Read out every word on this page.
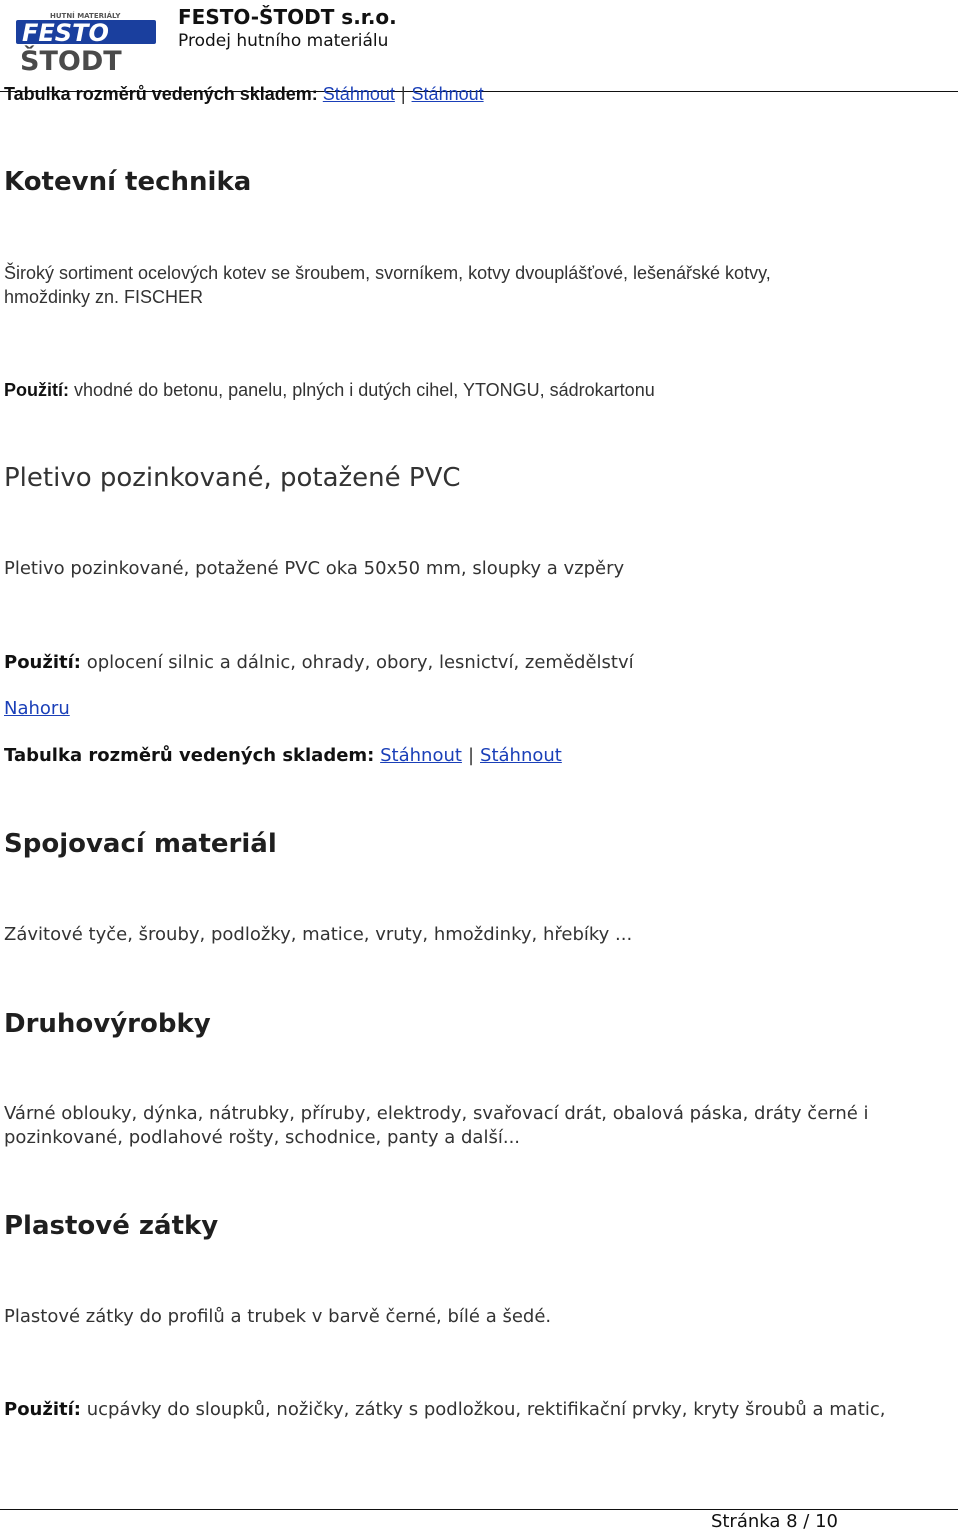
HUTNÍ MATERIÁLY
FESTO
ŠTODT
FESTO-ŠTODT s.r.o.
Prodej hutního materiálu
Tabulka rozměrů vedených skladem: Stáhnout | Stáhnout
Kotevní technika
Široký sortiment ocelových kotev se šroubem, svorníkem, kotvy dvouplášťové, lešenářské kotvy,
hmoždinky zn. FISCHER
Použití: vhodné do betonu, panelu, plných i dutých cihel, YTONGU, sádrokartonu
Pletivo pozinkované, potažené PVC
Pletivo pozinkované, potažené PVC oka 50x50 mm, sloupky a vzpěry
Použití: oplocení silnic a dálnic, ohrady, obory, lesnictví, zemědělství
Nahoru
Tabulka rozměrů vedených skladem: Stáhnout | Stáhnout
Spojovací materiál
Závitové tyče, šrouby, podložky, matice, vruty, hmoždinky, hřebíky ...
Druhovýrobky
Várné oblouky, dýnka, nátrubky, příruby, elektrody, svařovací drát, obalová páska, dráty černé i
pozinkované, podlahové rošty, schodnice, panty a další...
Plastové zátky
Plastové zátky do profilů a trubek v barvě černé, bílé a šedé.
Použití: ucpávky do sloupků, nožičky, zátky s podložkou, rektifikační prvky, kryty šroubů a matic,
Stránka 8 / 10
